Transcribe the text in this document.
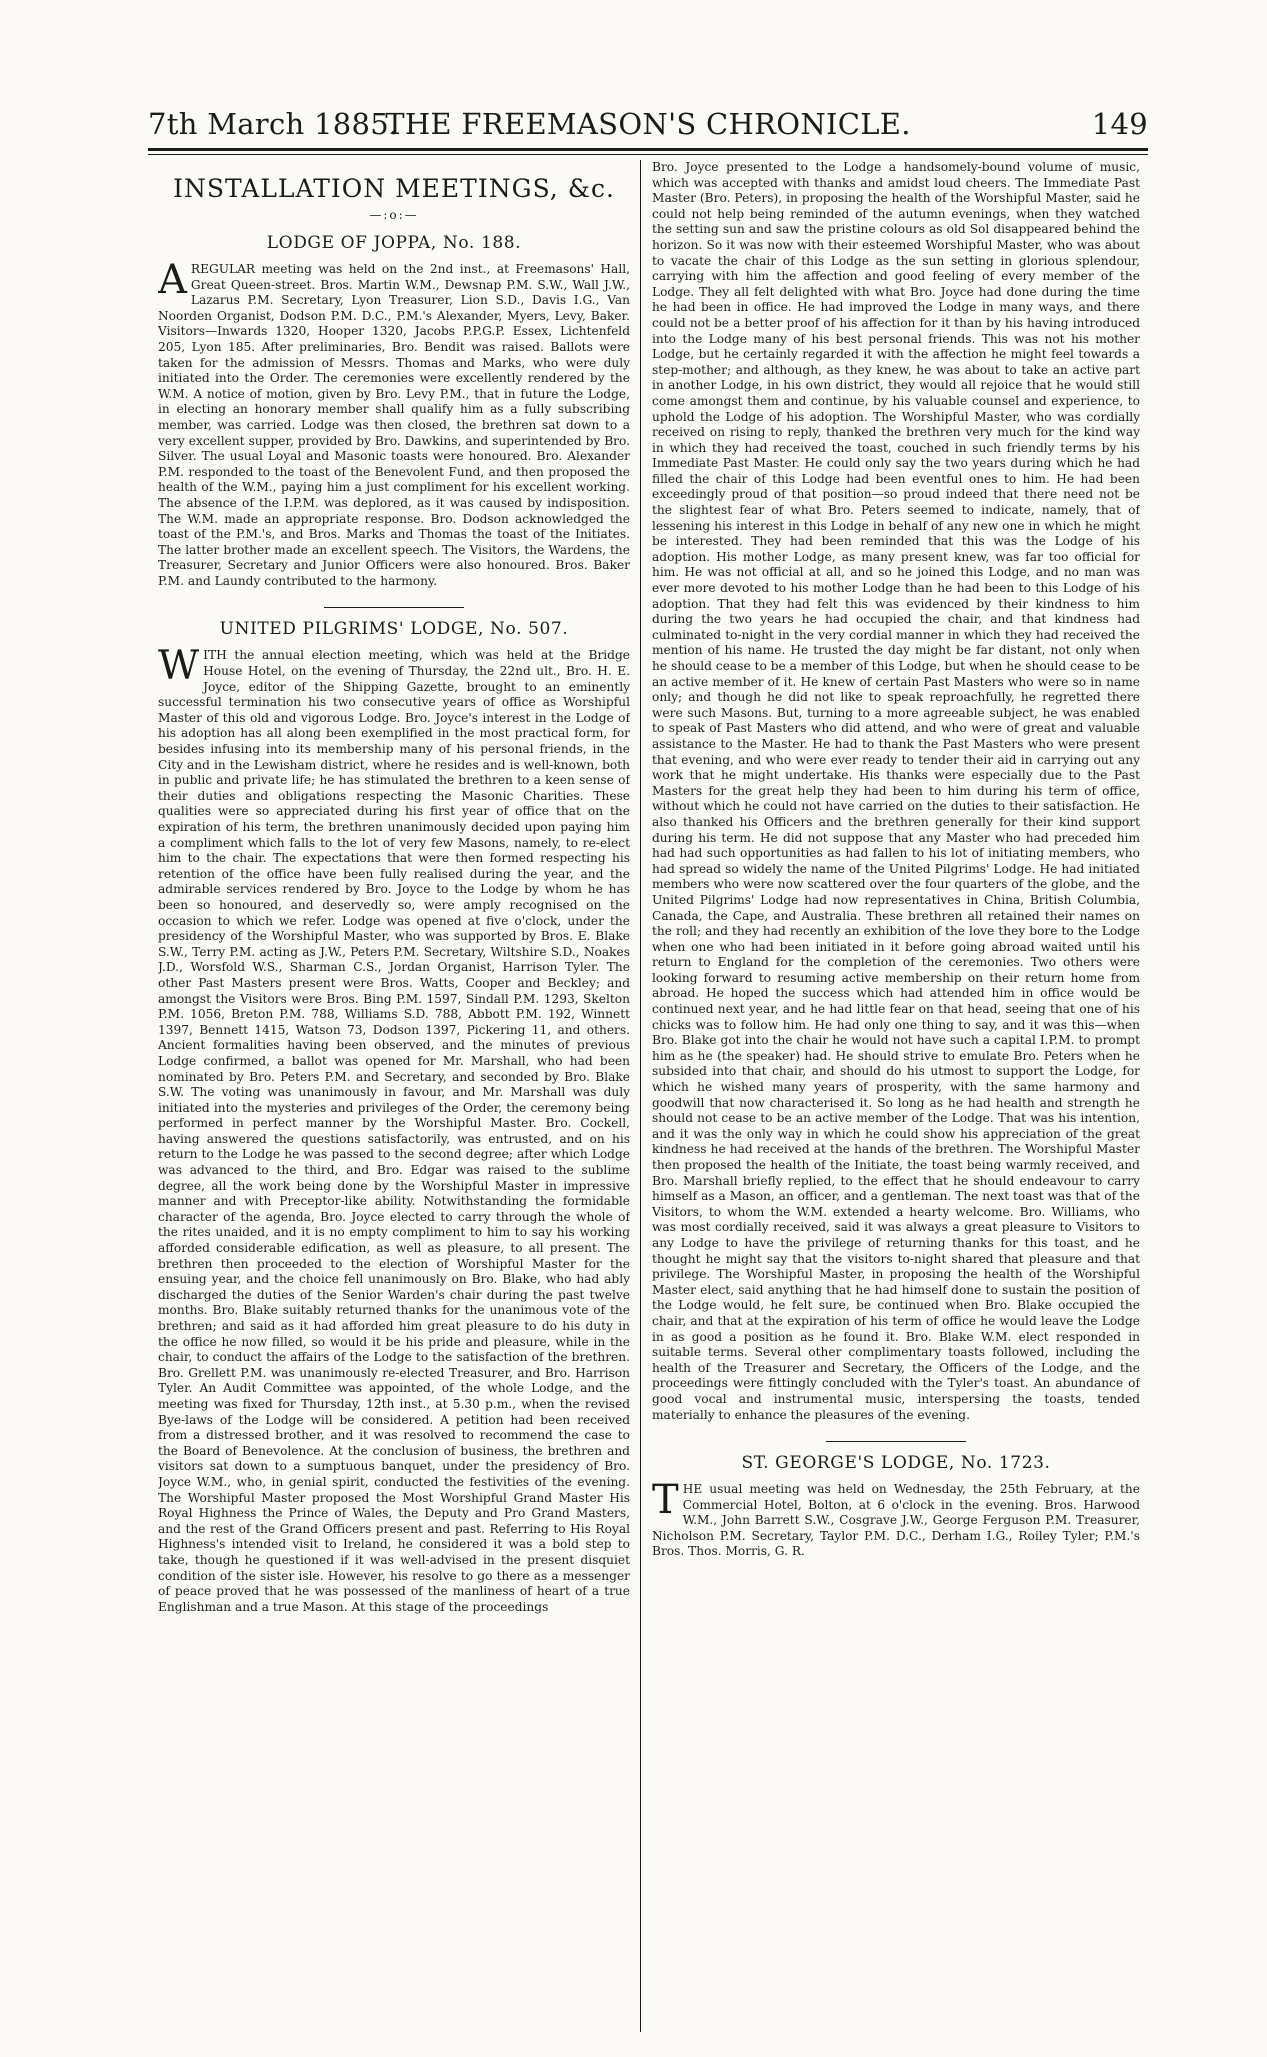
7th March 1885.
THE FREEMASON'S CHRONICLE.	149
INSTALLATION MEETINGS, &c.
—:o:—
LODGE OF JOPPA, No. 188.

A REGULAR meeting was held on the 2nd inst., at Freemasons' Hall, Great Queen-street. Bros. Martin W.M., Dewsnap P.M. S.W., Wall J.W., Lazarus P.M. Secretary, Lyon Treasurer, Lion S.D., Davis I.G., Van Noorden Organist, Dodson P.M. D.C., P.M.'s Alexander, Myers, Levy, Baker. Visitors—Inwards 1320, Hooper 1320, Jacobs P.P.G.P. Essex, Lichtenfeld 205, Lyon 185. After preliminaries, Bro. Bendit was raised. Ballots were taken for the admission of Messrs. Thomas and Marks, who were duly initiated into the Order. The ceremonies were excellently rendered by the W.M. A notice of motion, given by Bro. Levy P.M., that in future the Lodge, in electing an honorary member shall qualify him as a fully subscribing member, was carried. Lodge was then closed, the brethren sat down to a very excellent supper, provided by Bro. Dawkins, and superintended by Bro. Silver. The usual Loyal and Masonic toasts were honoured. Bro. Alexander P.M. responded to the toast of the Benevolent Fund, and then proposed the health of the W.M., paying him a just compliment for his excellent working. The absence of the I.P.M. was deplored, as it was caused by indisposition. The W.M. made an appropriate response. Bro. Dodson acknowledged the toast of the P.M.'s, and Bros. Marks and Thomas the toast of the Initiates. The latter brother made an excellent speech. The Visitors, the Wardens, the Treasurer, Secretary and Junior Officers were also honoured. Bros. Baker P.M. and Laundy contributed to the harmony.

UNITED PILGRIMS' LODGE, No. 507.

WITH the annual election meeting, which was held at the Bridge House Hotel, on the evening of Thursday, the 22nd ult., Bro. H. E. Joyce, editor of the Shipping Gazette, brought to an eminently successful termination his two consecutive years of office as Worshipful Master of this old and vigorous Lodge. Bro. Joyce's interest in the Lodge of his adoption has all along been exemplified in the most practical form, for besides infusing into its membership many of his personal friends, in the City and in the Lewisham district, where he resides and is well-known, both in public and private life; he has stimulated the brethren to a keen sense of their duties and obligations respecting the Masonic Charities. These qualities were so appreciated during his first year of office that on the expiration of his term, the brethren unanimously decided upon paying him a compliment which falls to the lot of very few Masons, namely, to re-elect him to the chair. The expectations that were then formed respecting his retention of the office have been fully realised during the year, and the admirable services rendered by Bro. Joyce to the Lodge by whom he has been so honoured, and deservedly so, were amply recognised on the occasion to which we refer. Lodge was opened at five o'clock, under the presidency of the Worshipful Master, who was supported by Bros. E. Blake S.W., Terry P.M. acting as J.W., Peters P.M. Secretary, Wiltshire S.D., Noakes J.D., Worsfold W.S., Sharman C.S., Jordan Organist, Harrison Tyler. The other Past Masters present were Bros. Watts, Cooper and Beckley; and amongst the Visitors were Bros. Bing P.M. 1597, Sindall P.M. 1293, Skelton P.M. 1056, Breton P.M. 788, Williams S.D. 788, Abbott P.M. 192, Winnett 1397, Bennett 1415, Watson 73, Dodson 1397, Pickering 11, and others. Ancient formalities having been observed, and the minutes of previous Lodge confirmed, a ballot was opened for Mr. Marshall, who had been nominated by Bro. Peters P.M. and Secretary, and seconded by Bro. Blake S.W. The voting was unanimously in favour, and Mr. Marshall was duly initiated into the mysteries and privileges of the Order, the ceremony being performed in perfect manner by the Worshipful Master. Bro. Cockell, having answered the questions satisfactorily, was entrusted, and on his return to the Lodge he was passed to the second degree; after which Lodge was advanced to the third, and Bro. Edgar was raised to the sublime degree, all the work being done by the Worshipful Master in impressive manner and with Preceptor-like ability. Notwithstanding the formidable character of the agenda, Bro. Joyce elected to carry through the whole of the rites unaided, and it is no empty compliment to him to say his working afforded considerable edification, as well as pleasure, to all present. The brethren then proceeded to the election of Worshipful Master for the ensuing year, and the choice fell unanimously on Bro. Blake, who had ably discharged the duties of the Senior Warden's chair during the past twelve months. Bro. Blake suitably returned thanks for the unanimous vote of the brethren; and said as it had afforded him great pleasure to do his duty in the office he now filled, so would it be his pride and pleasure, while in the chair, to conduct the affairs of the Lodge to the satisfaction of the brethren. Bro. Grellett P.M. was unanimously re-elected Treasurer, and Bro. Harrison Tyler. An Audit Committee was appointed, of the whole Lodge, and the meeting was fixed for Thursday, 12th inst., at 5.30 p.m., when the revised Bye-laws of the Lodge will be considered. A petition had been received from a distressed brother, and it was resolved to recommend the case to the Board of Benevolence. At the conclusion of business, the brethren and visitors sat down to a sumptuous banquet, under the presidency of Bro. Joyce W.M., who, in genial spirit, conducted the festivities of the evening. The Worshipful Master proposed the Most Worshipful Grand Master His Royal Highness the Prince of Wales, the Deputy and Pro Grand Masters, and the rest of the Grand Officers present and past. Referring to His Royal Highness's intended visit to Ireland, he considered it was a bold step to take, though he questioned if it was well-advised in the present disquiet condition of the sister isle. However, his resolve to go there as a messenger of peace proved that he was possessed of the manliness of heart of a true Englishman and a true Mason. At this stage of the proceedings

Bro. Joyce presented to the Lodge a handsomely-bound volume of music, which was accepted with thanks and amidst loud cheers. The Immediate Past Master (Bro. Peters), in proposing the health of the Worshipful Master, said he could not help being reminded of the autumn evenings, when they watched the setting sun and saw the pristine colours as old Sol disappeared behind the horizon. So it was now with their esteemed Worshipful Master, who was about to vacate the chair of this Lodge as the sun setting in glorious splendour, carrying with him the affection and good feeling of every member of the Lodge. They all felt delighted with what Bro. Joyce had done during the time he had been in office. He had improved the Lodge in many ways, and there could not be a better proof of his affection for it than by his having introduced into the Lodge many of his best personal friends. This was not his mother Lodge, but he certainly regarded it with the affection he might feel towards a step-mother; and although, as they knew, he was about to take an active part in another Lodge, in his own district, they would all rejoice that he would still come amongst them and continue, by his valuable counsel and experience, to uphold the Lodge of his adoption. The Worshipful Master, who was cordially received on rising to reply, thanked the brethren very much for the kind way in which they had received the toast, couched in such friendly terms by his Immediate Past Master. He could only say the two years during which he had filled the chair of this Lodge had been eventful ones to him. He had been exceedingly proud of that position—so proud indeed that there need not be the slightest fear of what Bro. Peters seemed to indicate, namely, that of lessening his interest in this Lodge in behalf of any new one in which he might be interested. They had been reminded that this was the Lodge of his adoption. His mother Lodge, as many present knew, was far too official for him. He was not official at all, and so he joined this Lodge, and no man was ever more devoted to his mother Lodge than he had been to this Lodge of his adoption. That they had felt this was evidenced by their kindness to him during the two years he had occupied the chair, and that kindness had culminated to-night in the very cordial manner in which they had received the mention of his name. He trusted the day might be far distant, not only when he should cease to be a member of this Lodge, but when he should cease to be an active member of it. He knew of certain Past Masters who were so in name only; and though he did not like to speak reproachfully, he regretted there were such Masons. But, turning to a more agreeable subject, he was enabled to speak of Past Masters who did attend, and who were of great and valuable assistance to the Master. He had to thank the Past Masters who were present that evening, and who were ever ready to tender their aid in carrying out any work that he might undertake. His thanks were especially due to the Past Masters for the great help they had been to him during his term of office, without which he could not have carried on the duties to their satisfaction. He also thanked his Officers and the brethren generally for their kind support during his term. He did not suppose that any Master who had preceded him had had such opportunities as had fallen to his lot of initiating members, who had spread so widely the name of the United Pilgrims' Lodge. He had initiated members who were now scattered over the four quarters of the globe, and the United Pilgrims' Lodge had now representatives in China, British Columbia, Canada, the Cape, and Australia. These brethren all retained their names on the roll; and they had recently an exhibition of the love they bore to the Lodge when one who had been initiated in it before going abroad waited until his return to England for the completion of the ceremonies. Two others were looking forward to resuming active membership on their return home from abroad. He hoped the success which had attended him in office would be continued next year, and he had little fear on that head, seeing that one of his chicks was to follow him. He had only one thing to say, and it was this—when Bro. Blake got into the chair he would not have such a capital I.P.M. to prompt him as he (the speaker) had. He should strive to emulate Bro. Peters when he subsided into that chair, and should do his utmost to support the Lodge, for which he wished many years of prosperity, with the same harmony and goodwill that now characterised it. So long as he had health and strength he should not cease to be an active member of the Lodge. That was his intention, and it was the only way in which he could show his appreciation of the great kindness he had received at the hands of the brethren. The Worshipful Master then proposed the health of the Initiate, the toast being warmly received, and Bro. Marshall briefly replied, to the effect that he should endeavour to carry himself as a Mason, an officer, and a gentleman. The next toast was that of the Visitors, to whom the W.M. extended a hearty welcome. Bro. Williams, who was most cordially received, said it was always a great pleasure to Visitors to any Lodge to have the privilege of returning thanks for this toast, and he thought he might say that the visitors to-night shared that pleasure and that privilege. The Worshipful Master, in proposing the health of the Worshipful Master elect, said anything that he had himself done to sustain the position of the Lodge would, he felt sure, be continued when Bro. Blake occupied the chair, and that at the expiration of his term of office he would leave the Lodge in as good a position as he found it. Bro. Blake W.M. elect responded in suitable terms. Several other complimentary toasts followed, including the health of the Treasurer and Secretary, the Officers of the Lodge, and the proceedings were fittingly concluded with the Tyler's toast. An abundance of good vocal and instrumental music, interspersing the toasts, tended materially to enhance the pleasures of the evening.

ST. GEORGE'S LODGE, No. 1723.

THE usual meeting was held on Wednesday, the 25th February, at the Commercial Hotel, Bolton, at 6 o'clock in the evening. Bros. Harwood W.M., John Barrett S.W., Cosgrave J.W., George Ferguson P.M. Treasurer, Nicholson P.M. Secretary, Taylor P.M. D.C., Derham I.G., Roiley Tyler; P.M.'s Bros. Thos. Morris, G. R.
